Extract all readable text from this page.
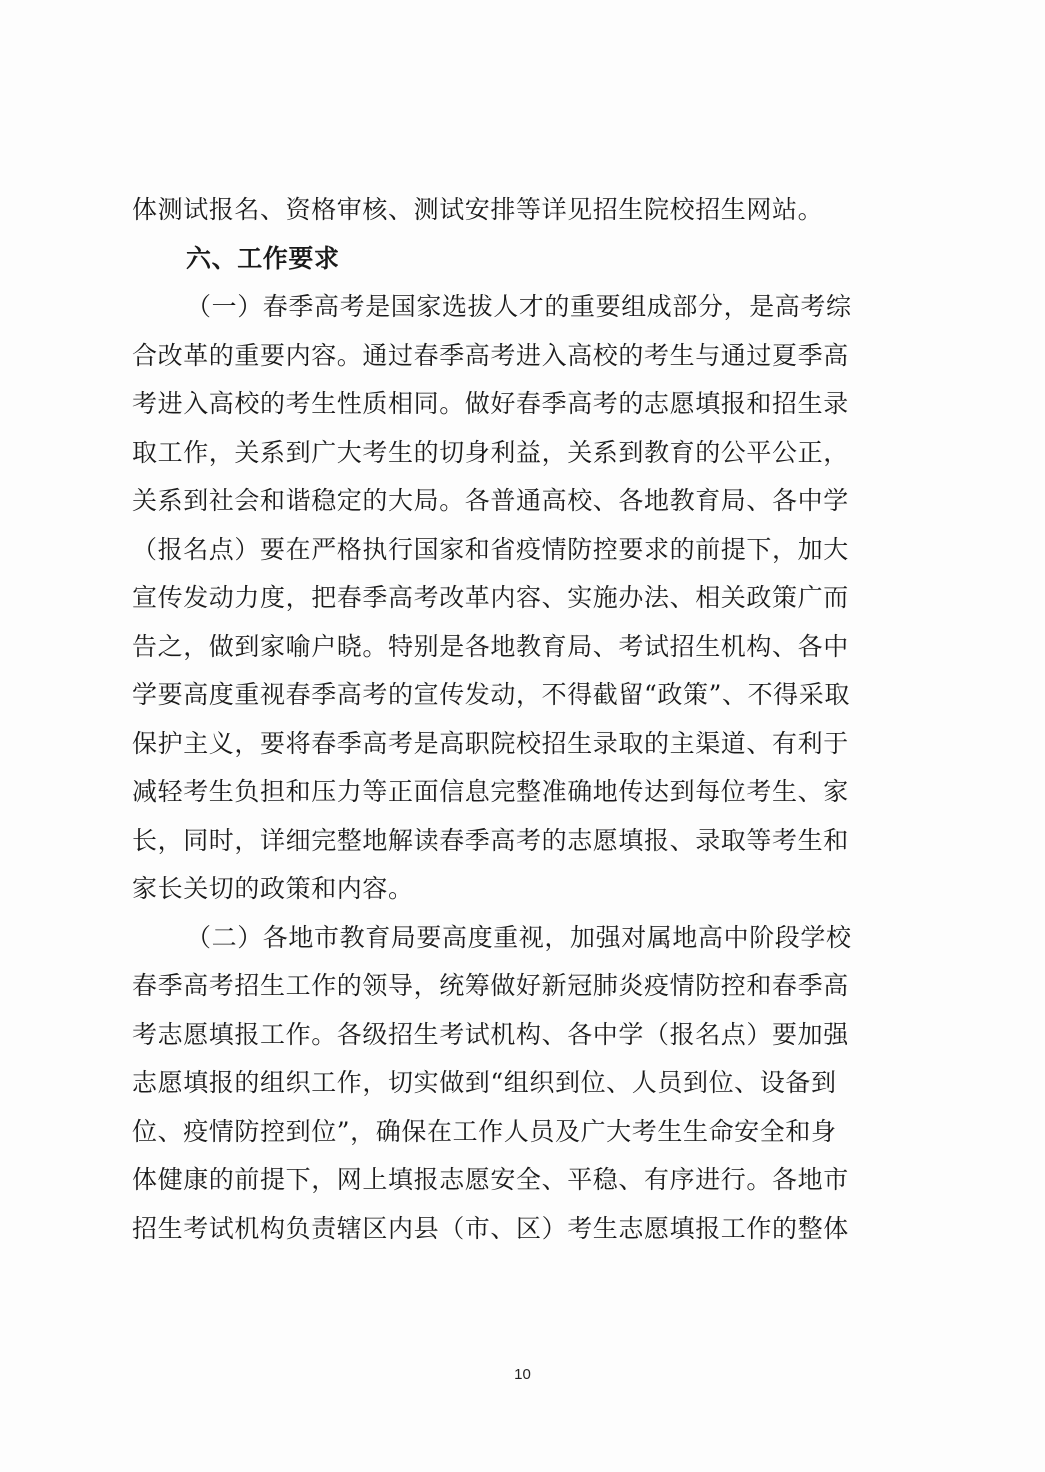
体测试报名、资格审核、测试安排等详见招生院校招生网站。
六、工作要求
（一）春季高考是国家选拔人才的重要组成部分，是高考综
合改革的重要内容。通过春季高考进入高校的考生与通过夏季高
考进入高校的考生性质相同。做好春季高考的志愿填报和招生录
取工作，关系到广大考生的切身利益，关系到教育的公平公正，
关系到社会和谐稳定的大局。各普通高校、各地教育局、各中学
（报名点）要在严格执行国家和省疫情防控要求的前提下，加大
宣传发动力度，把春季高考改革内容、实施办法、相关政策广而
告之，做到家喻户晓。特别是各地教育局、考试招生机构、各中
学要高度重视春季高考的宣传发动，不得截留“政策”、不得采取
保护主义，要将春季高考是高职院校招生录取的主渠道、有利于
减轻考生负担和压力等正面信息完整准确地传达到每位考生、家
长，同时，详细完整地解读春季高考的志愿填报、录取等考生和
家长关切的政策和内容。
（二）各地市教育局要高度重视，加强对属地高中阶段学校
春季高考招生工作的领导，统筹做好新冠肺炎疫情防控和春季高
考志愿填报工作。各级招生考试机构、各中学（报名点）要加强
志愿填报的组织工作，切实做到“组织到位、人员到位、设备到
位、疫情防控到位”，确保在工作人员及广大考生生命安全和身
体健康的前提下，网上填报志愿安全、平稳、有序进行。各地市
招生考试机构负责辖区内县（市、区）考生志愿填报工作的整体
10
